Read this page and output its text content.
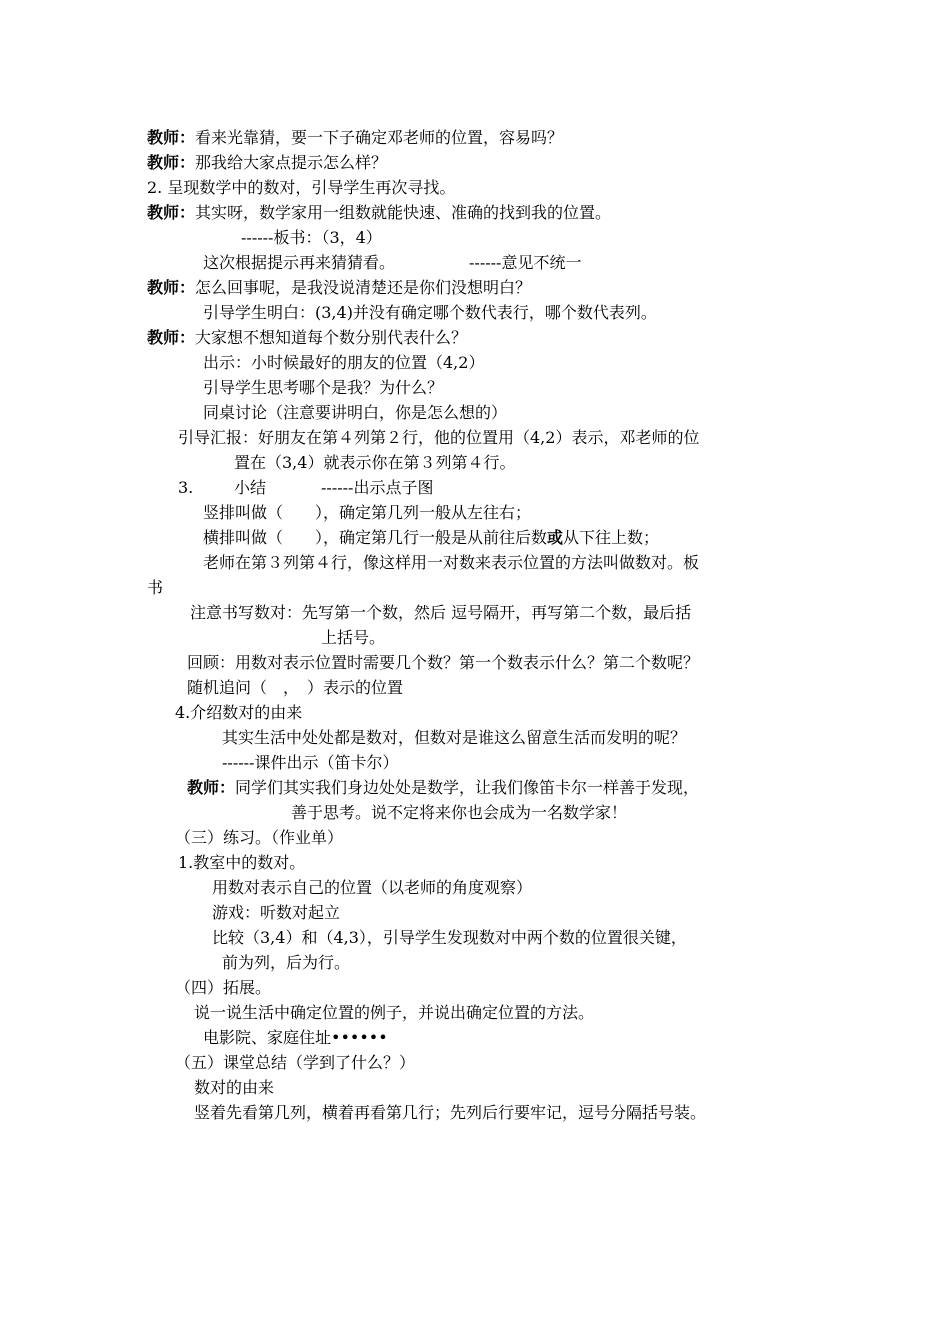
教师：看来光靠猜，要一下子确定邓老师的位置，容易吗？
教师：那我给大家点提示怎么样？
2. 呈现数学中的数对，引导学生再次寻找。
教师：其实呀，数学家用一组数就能快速、准确的找到我的位置。
------板书：（3，4）
这次根据提示再来猜猜看。	------意见不统一
教师：怎么回事呢，是我没说清楚还是你们没想明白？
引导学生明白：(3,4)并没有确定哪个数代表行，哪个数代表列。
教师：大家想不想知道每个数分别代表什么？
出示：小时候最好的朋友的位置（4,2）
引导学生思考哪个是我？为什么？
同桌讨论（注意要讲明白，你是怎么想的）
引导汇报：好朋友在第４列第２行，他的位置用（4,2）表示，邓老师的位
置在（3,4）就表示你在第３列第４行。
3.	小结	------出示点子图
竖排叫做（　　），确定第几列一般从左往右；
横排叫做（　　），确定第几行一般是从前往后数或从下往上数；
老师在第３列第４行，像这样用一对数来表示位置的方法叫做数对。板
书
注意书写数对：先写第一个数，然后 逗号隔开，再写第二个数，最后括
上括号。
回顾：用数对表示位置时需要几个数？第一个数表示什么？第二个数呢？
随机追问（　，　）表示的位置
4.介绍数对的由来
其实生活中处处都是数对，但数对是谁这么留意生活而发明的呢？
------课件出示（笛卡尔）
教师：同学们其实我们身边处处是数学，让我们像笛卡尔一样善于发现，
善于思考。说不定将来你也会成为一名数学家！
（三）练习。（作业单）
1.教室中的数对。
用数对表示自己的位置（以老师的角度观察）
游戏：听数对起立
比较（3,4）和（4,3），引导学生发现数对中两个数的位置很关键，
前为列，后为行。
（四）拓展。
说一说生活中确定位置的例子，并说出确定位置的方法。
电影院、家庭住址••••••
（五）课堂总结（学到了什么？）
数对的由来
竖着先看第几列，横着再看第几行；先列后行要牢记，逗号分隔括号装。
